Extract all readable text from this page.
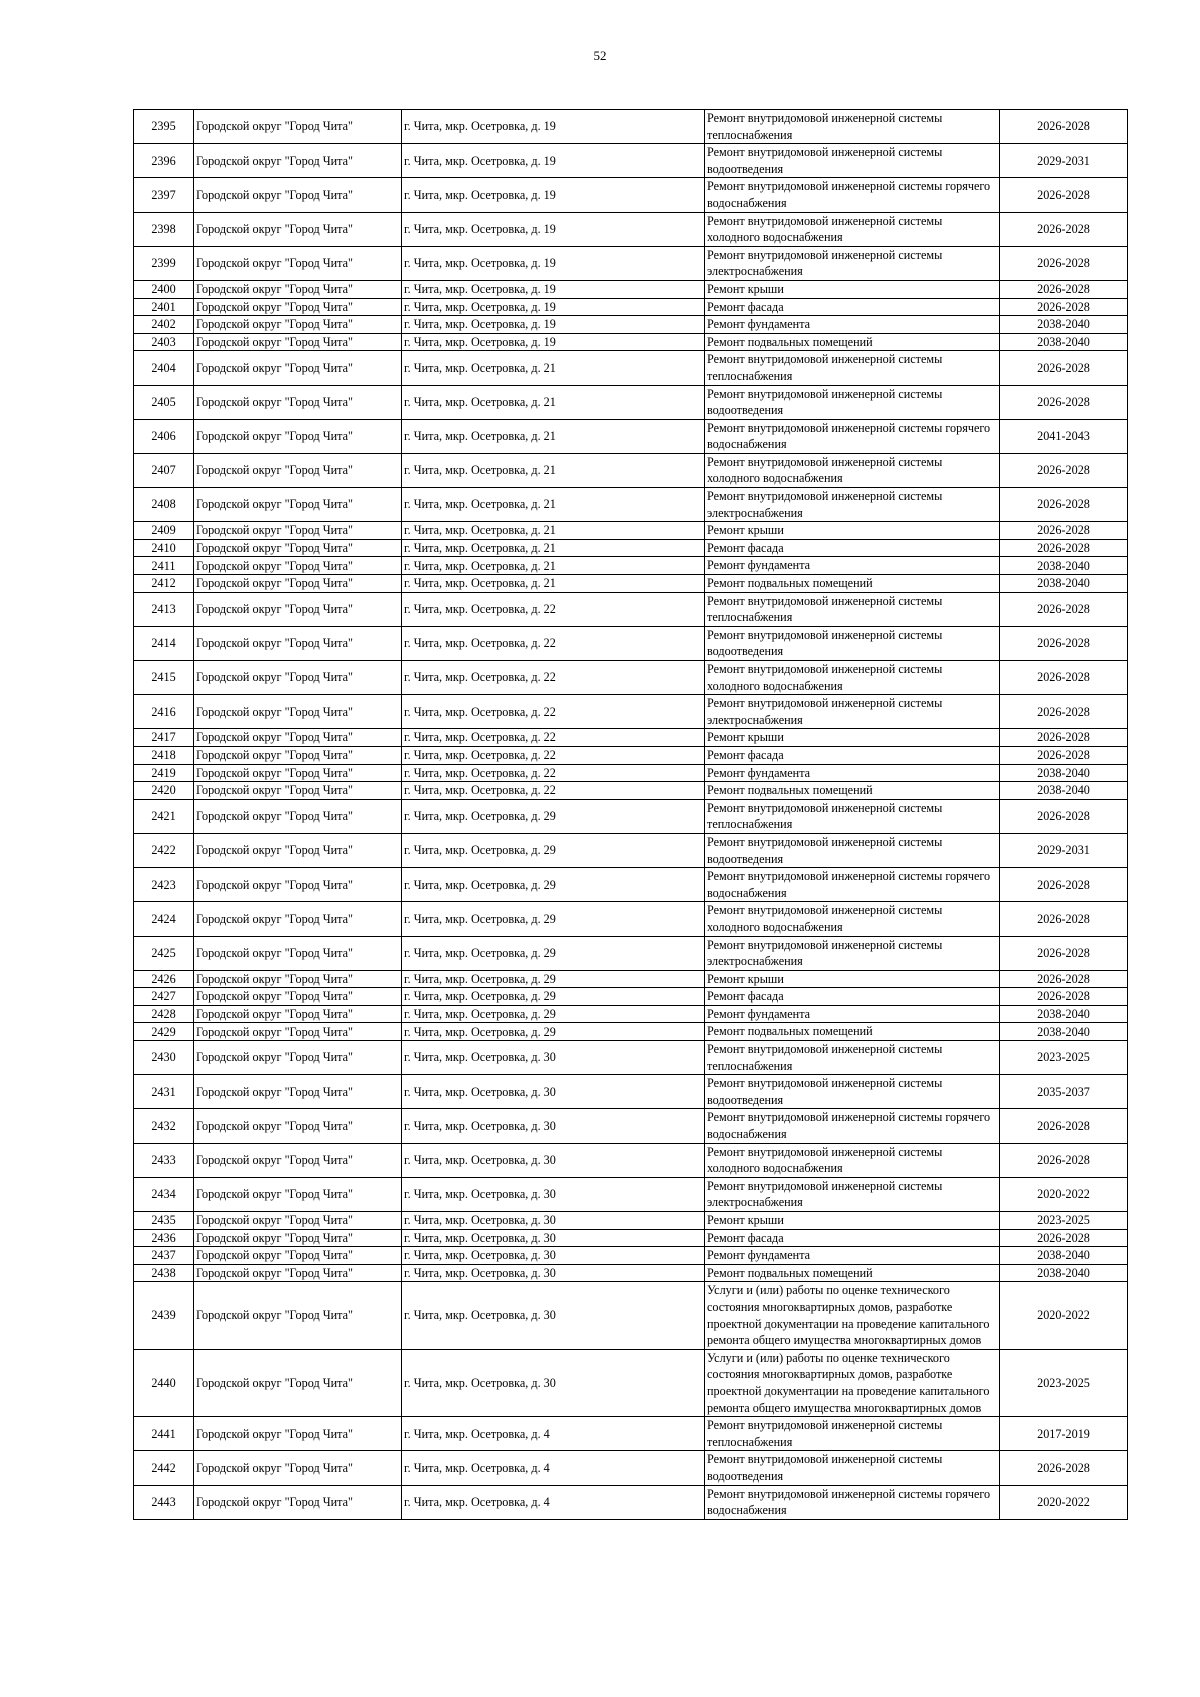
52
2395	Городской округ "Город Чита"	г. Чита, мкр. Осетровка, д. 19	Ремонт внутридомовой инженерной системы теплоснабжения	2026-2028
2396	Городской округ "Город Чита"	г. Чита, мкр. Осетровка, д. 19	Ремонт внутридомовой инженерной системы водоотведения	2029-2031
2397	Городской округ "Город Чита"	г. Чита, мкр. Осетровка, д. 19	Ремонт внутридомовой инженерной системы горячего водоснабжения	2026-2028
2398	Городской округ "Город Чита"	г. Чита, мкр. Осетровка, д. 19	Ремонт внутридомовой инженерной системы холодного водоснабжения	2026-2028
2399	Городской округ "Город Чита"	г. Чита, мкр. Осетровка, д. 19	Ремонт внутридомовой инженерной системы электроснабжения	2026-2028
2400	Городской округ "Город Чита"	г. Чита, мкр. Осетровка, д. 19	Ремонт крыши	2026-2028
2401	Городской округ "Город Чита"	г. Чита, мкр. Осетровка, д. 19	Ремонт фасада	2026-2028
2402	Городской округ "Город Чита"	г. Чита, мкр. Осетровка, д. 19	Ремонт фундамента	2038-2040
2403	Городской округ "Город Чита"	г. Чита, мкр. Осетровка, д. 19	Ремонт подвальных помещений	2038-2040
2404	Городской округ "Город Чита"	г. Чита, мкр. Осетровка, д. 21	Ремонт внутридомовой инженерной системы теплоснабжения	2026-2028
2405	Городской округ "Город Чита"	г. Чита, мкр. Осетровка, д. 21	Ремонт внутридомовой инженерной системы водоотведения	2026-2028
2406	Городской округ "Город Чита"	г. Чита, мкр. Осетровка, д. 21	Ремонт внутридомовой инженерной системы горячего водоснабжения	2041-2043
2407	Городской округ "Город Чита"	г. Чита, мкр. Осетровка, д. 21	Ремонт внутридомовой инженерной системы холодного водоснабжения	2026-2028
2408	Городской округ "Город Чита"	г. Чита, мкр. Осетровка, д. 21	Ремонт внутридомовой инженерной системы электроснабжения	2026-2028
2409	Городской округ "Город Чита"	г. Чита, мкр. Осетровка, д. 21	Ремонт крыши	2026-2028
2410	Городской округ "Город Чита"	г. Чита, мкр. Осетровка, д. 21	Ремонт фасада	2026-2028
2411	Городской округ "Город Чита"	г. Чита, мкр. Осетровка, д. 21	Ремонт фундамента	2038-2040
2412	Городской округ "Город Чита"	г. Чита, мкр. Осетровка, д. 21	Ремонт подвальных помещений	2038-2040
2413	Городской округ "Город Чита"	г. Чита, мкр. Осетровка, д. 22	Ремонт внутридомовой инженерной системы теплоснабжения	2026-2028
2414	Городской округ "Город Чита"	г. Чита, мкр. Осетровка, д. 22	Ремонт внутридомовой инженерной системы водоотведения	2026-2028
2415	Городской округ "Город Чита"	г. Чита, мкр. Осетровка, д. 22	Ремонт внутридомовой инженерной системы холодного водоснабжения	2026-2028
2416	Городской округ "Город Чита"	г. Чита, мкр. Осетровка, д. 22	Ремонт внутридомовой инженерной системы электроснабжения	2026-2028
2417	Городской округ "Город Чита"	г. Чита, мкр. Осетровка, д. 22	Ремонт крыши	2026-2028
2418	Городской округ "Город Чита"	г. Чита, мкр. Осетровка, д. 22	Ремонт фасада	2026-2028
2419	Городской округ "Город Чита"	г. Чита, мкр. Осетровка, д. 22	Ремонт фундамента	2038-2040
2420	Городской округ "Город Чита"	г. Чита, мкр. Осетровка, д. 22	Ремонт подвальных помещений	2038-2040
2421	Городской округ "Город Чита"	г. Чита, мкр. Осетровка, д. 29	Ремонт внутридомовой инженерной системы теплоснабжения	2026-2028
2422	Городской округ "Город Чита"	г. Чита, мкр. Осетровка, д. 29	Ремонт внутридомовой инженерной системы водоотведения	2029-2031
2423	Городской округ "Город Чита"	г. Чита, мкр. Осетровка, д. 29	Ремонт внутридомовой инженерной системы горячего водоснабжения	2026-2028
2424	Городской округ "Город Чита"	г. Чита, мкр. Осетровка, д. 29	Ремонт внутридомовой инженерной системы холодного водоснабжения	2026-2028
2425	Городской округ "Город Чита"	г. Чита, мкр. Осетровка, д. 29	Ремонт внутридомовой инженерной системы электроснабжения	2026-2028
2426	Городской округ "Город Чита"	г. Чита, мкр. Осетровка, д. 29	Ремонт крыши	2026-2028
2427	Городской округ "Город Чита"	г. Чита, мкр. Осетровка, д. 29	Ремонт фасада	2026-2028
2428	Городской округ "Город Чита"	г. Чита, мкр. Осетровка, д. 29	Ремонт фундамента	2038-2040
2429	Городской округ "Город Чита"	г. Чита, мкр. Осетровка, д. 29	Ремонт подвальных помещений	2038-2040
2430	Городской округ "Город Чита"	г. Чита, мкр. Осетровка, д. 30	Ремонт внутридомовой инженерной системы теплоснабжения	2023-2025
2431	Городской округ "Город Чита"	г. Чита, мкр. Осетровка, д. 30	Ремонт внутридомовой инженерной системы водоотведения	2035-2037
2432	Городской округ "Город Чита"	г. Чита, мкр. Осетровка, д. 30	Ремонт внутридомовой инженерной системы горячего водоснабжения	2026-2028
2433	Городской округ "Город Чита"	г. Чита, мкр. Осетровка, д. 30	Ремонт внутридомовой инженерной системы холодного водоснабжения	2026-2028
2434	Городской округ "Город Чита"	г. Чита, мкр. Осетровка, д. 30	Ремонт внутридомовой инженерной системы электроснабжения	2020-2022
2435	Городской округ "Город Чита"	г. Чита, мкр. Осетровка, д. 30	Ремонт крыши	2023-2025
2436	Городской округ "Город Чита"	г. Чита, мкр. Осетровка, д. 30	Ремонт фасада	2026-2028
2437	Городской округ "Город Чита"	г. Чита, мкр. Осетровка, д. 30	Ремонт фундамента	2038-2040
2438	Городской округ "Город Чита"	г. Чита, мкр. Осетровка, д. 30	Ремонт подвальных помещений	2038-2040
2439	Городской округ "Город Чита"	г. Чита, мкр. Осетровка, д. 30	Услуги и (или) работы по оценке технического состояния многоквартирных домов, разработке проектной документации на проведение капитального ремонта общего имущества многоквартирных домов	2020-2022
2440	Городской округ "Город Чита"	г. Чита, мкр. Осетровка, д. 30	Услуги и (или) работы по оценке технического состояния многоквартирных домов, разработке проектной документации на проведение капитального ремонта общего имущества многоквартирных домов	2023-2025
2441	Городской округ "Город Чита"	г. Чита, мкр. Осетровка, д. 4	Ремонт внутридомовой инженерной системы теплоснабжения	2017-2019
2442	Городской округ "Город Чита"	г. Чита, мкр. Осетровка, д. 4	Ремонт внутридомовой инженерной системы водоотведения	2026-2028
2443	Городской округ "Город Чита"	г. Чита, мкр. Осетровка, д. 4	Ремонт внутридомовой инженерной системы горячего водоснабжения	2020-2022
